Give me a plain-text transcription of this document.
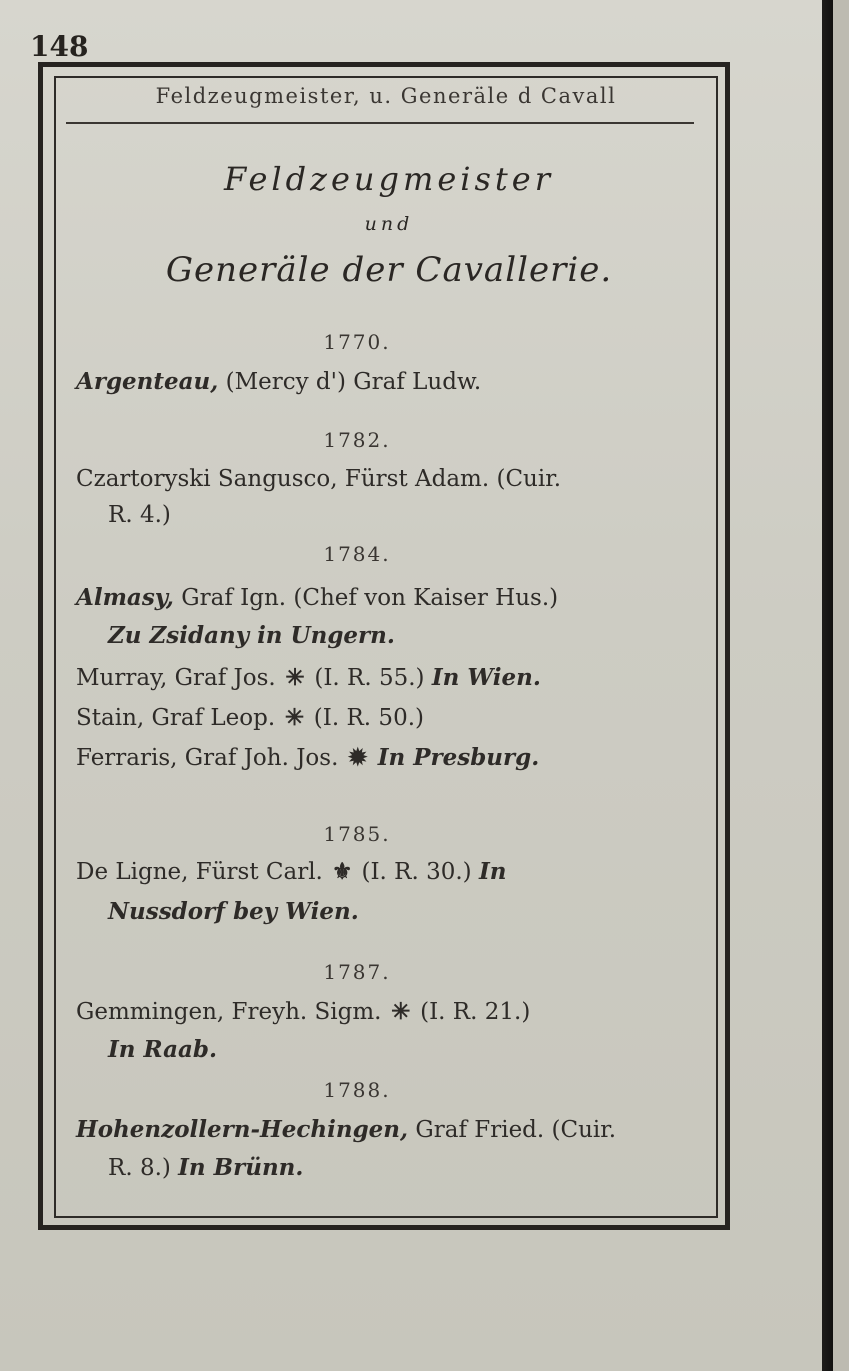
148
Feldzeugmeister, u. Generäle d Cavall
Feldzeugmeister
und
Generäle der Cavallerie.
1770.
Argenteau, (Mercy d') Graf Ludw.
1782.
Czartoryski Sangusco, Fürst Adam. (Cuir.
R. 4.)
1784.
Almasy, Graf Ign. (Chef von Kaiser Hus.)
Zu Zsidany in Ungern.
Murray, Graf Jos. ✳ (I. R. 55.) In Wien.
Stain, Graf Leop. ✳ (I. R. 50.)
Ferraris, Graf Joh. Jos. ✹ In Presburg.
1785.
De Ligne, Fürst Carl. ⚜ (I. R. 30.) In
Nussdorf bey Wien.
1787.
Gemmingen, Freyh. Sigm. ✳ (I. R. 21.)
In Raab.
1788.
Hohenzollern-Hechingen, Graf Fried. (Cuir.
R. 8.) In Brünn.
